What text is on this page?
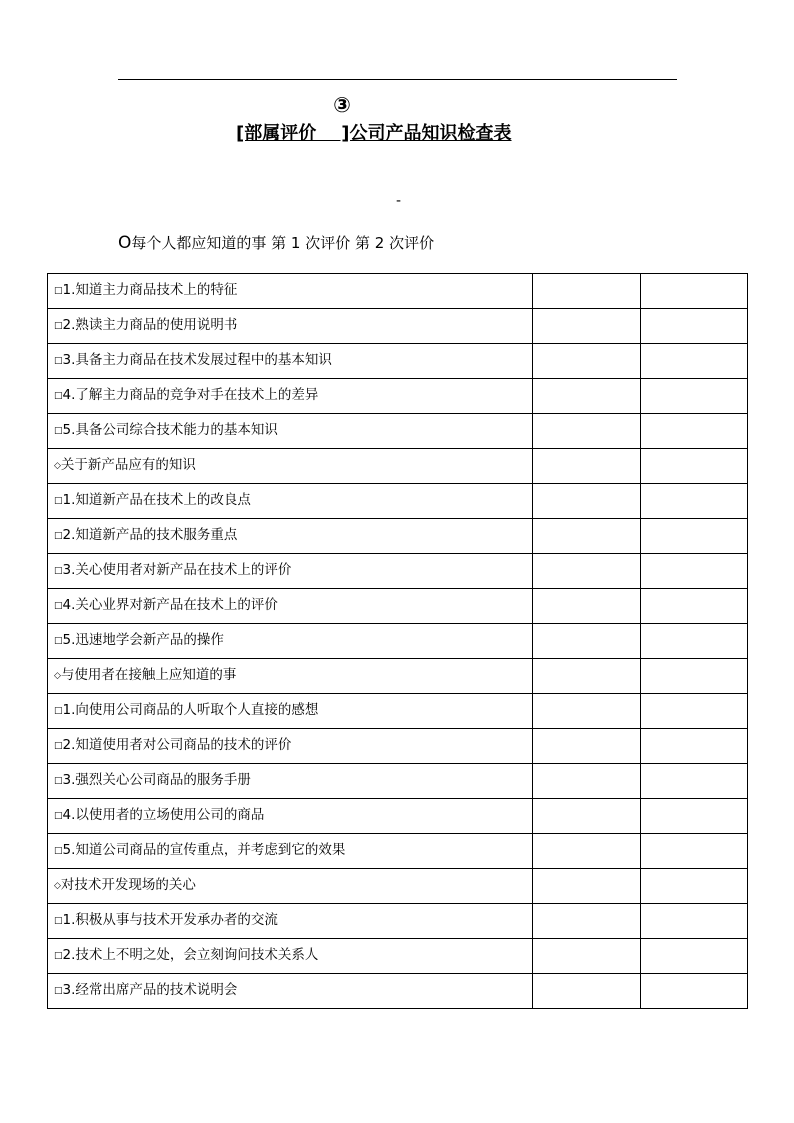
③
[部属评价    ]公司产品知识检查表
-
O每个人都应知道的事 第 1 次评价 第 2 次评价
□1.知道主力商品技术上的特征		
□2.熟读主力商品的使用说明书		
□3.具备主力商品在技术发展过程中的基本知识		
□4.了解主力商品的竞争对手在技术上的差异		
□5.具备公司综合技术能力的基本知识		
◇关于新产品应有的知识		
□1.知道新产品在技术上的改良点		
□2.知道新产品的技术服务重点		
□3.关心使用者对新产品在技术上的评价		
□4.关心业界对新产品在技术上的评价		
□5.迅速地学会新产品的操作		
◇与使用者在接触上应知道的事		
□1.向使用公司商品的人听取个人直接的感想		
□2.知道使用者对公司商品的技术的评价		
□3.强烈关心公司商品的服务手册		
□4.以使用者的立场使用公司的商品		
□5.知道公司商品的宣传重点，并考虑到它的效果		
◇对技术开发现场的关心		
□1.积极从事与技术开发承办者的交流		
□2.技术上不明之处，会立刻询问技术关系人		
□3.经常出席产品的技术说明会		
